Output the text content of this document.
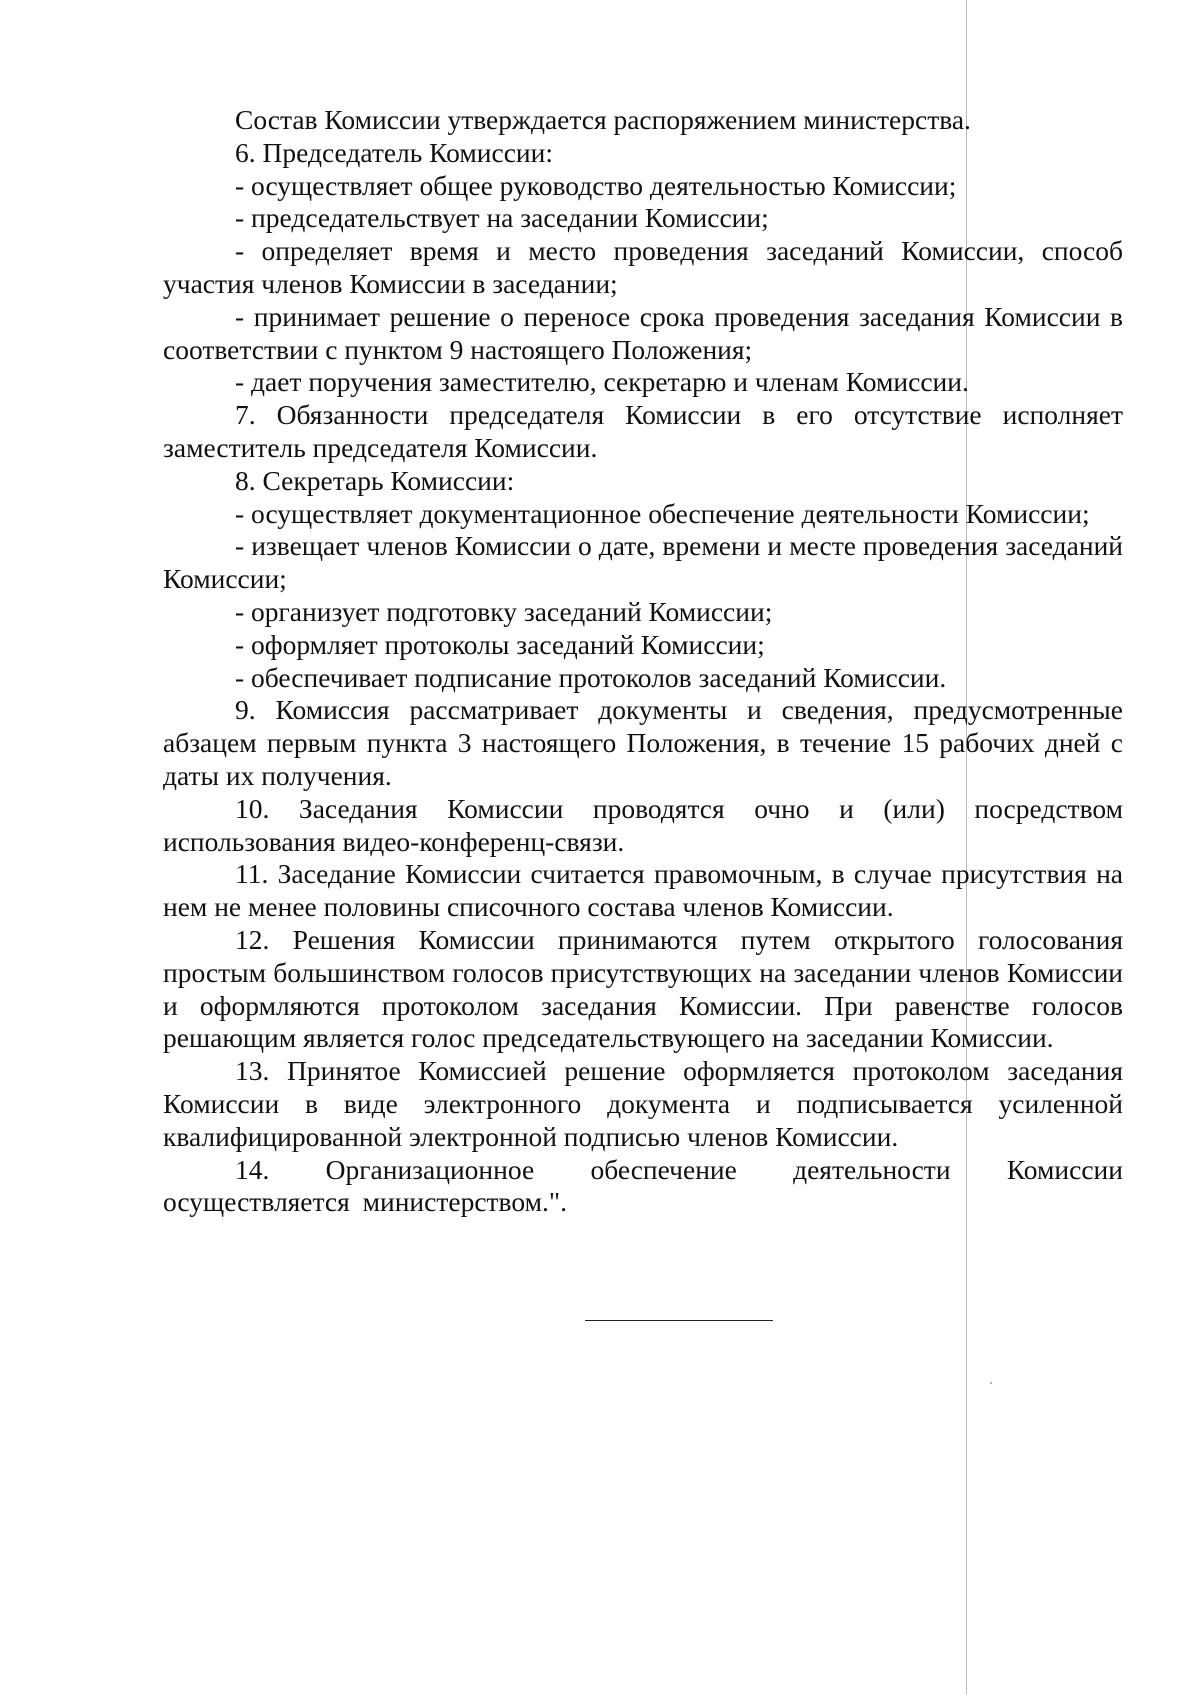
Состав Комиссии утверждается распоряжением министерства.

6. Председатель Комиссии:

- осуществляет общее руководство деятельностью Комиссии;

- председательствует на заседании Комиссии;

- определяет время и место проведения заседаний Комиссии, способ участия членов Комиссии в заседании;

- принимает решение о переносе срока проведения заседания Комиссии в соответствии с пунктом 9 настоящего Положения;

- дает поручения заместителю, секретарю и членам Комиссии.

7. Обязанности председателя Комиссии в его отсутствие исполняет заместитель председателя Комиссии.

8. Секретарь Комиссии:

- осуществляет документационное обеспечение деятельности Комиссии;

- извещает членов Комиссии о дате, времени и месте проведения заседаний Комиссии;

- организует подготовку заседаний Комиссии;

- оформляет протоколы заседаний Комиссии;

- обеспечивает подписание протоколов заседаний Комиссии.

9. Комиссия рассматривает документы и сведения, предусмотренные абзацем первым пункта 3 настоящего Положения, в течение 15 рабочих дней с даты их получения.

10. Заседания Комиссии проводятся очно и (или) посредством использования видео-конференц-связи.

11. Заседание Комиссии считается правомочным, в случае присутствия на нем не менее половины списочного состава членов Комиссии.

12. Решения Комиссии принимаются путем открытого голосования простым большинством голосов присутствующих на заседании членов Комиссии и оформляются протоколом заседания Комиссии. При равенстве голосов решающим является голос председательствующего на заседании Комиссии.

13. Принятое Комиссией решение оформляется протоколом заседания Комиссии в виде электронного документа и подписывается усиленной квалифицированной электронной подписью членов Комиссии.

14. Организационное обеспечение деятельности Комиссии осуществляется министерством.".
